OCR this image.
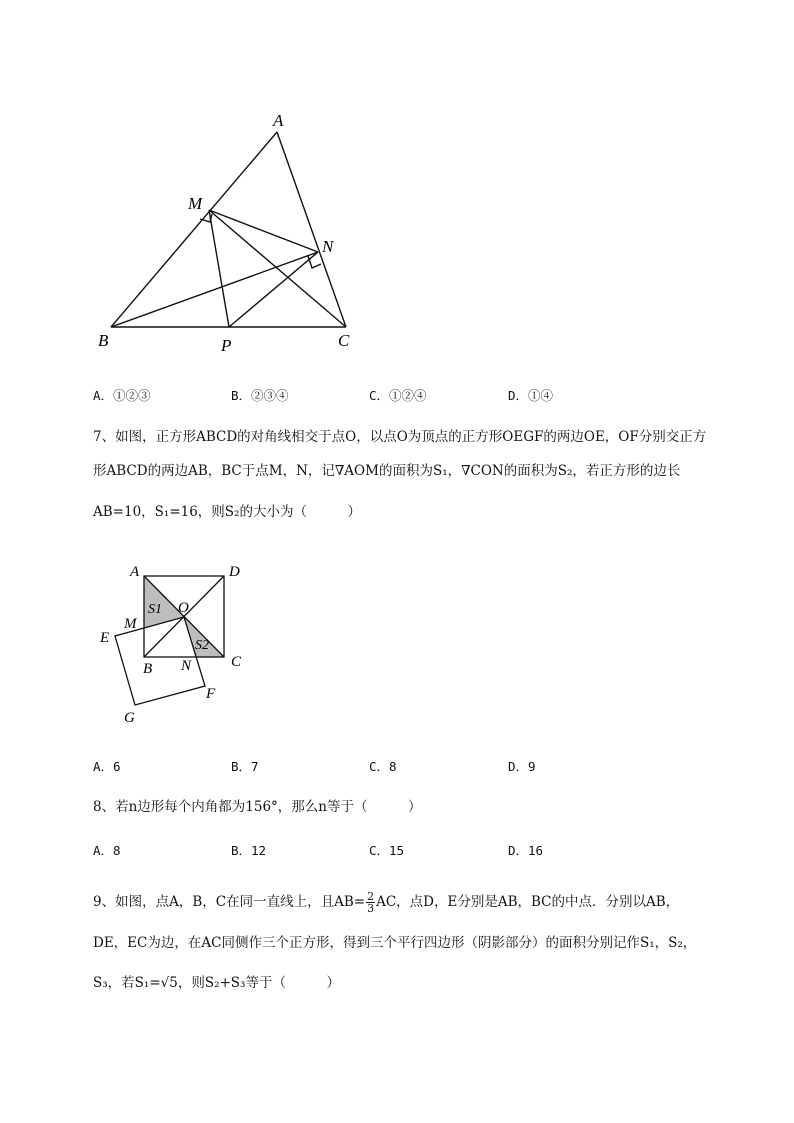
A
M
N
B	P	C
A．①②③	B．②③④	C．①②④	D．①④
7、如图，正方形ABCD的对角线相交于点O，以点O为顶点的正方形OEGF的两边OE，OF分别交正方
形ABCD的两边AB，BC于点M，N，记∇AOM的面积为S₁，∇CON的面积为S₂，若正方形的边长
AB=10，S₁=16，则S₂的大小为（　　　）
A	D
S1 O
M
E	S2
B N	C
F
G
A．6	B．7	C．8	D．9
8、若n边形每个内角都为156°，那么n等于（　　　）
A．8	B．12	C．15	D．16
9、如图，点A，B，C在同一直线上，且$AB= \frac{2}{3}$ AC，点D，E分别是AB，BC的中点．分别以AB，
DE，EC为边，在AC同侧作三个正方形，得到三个平行四边形（阴影部分）的面积分别记作S₁，S₂，
S₃，若S₁=√5，则S₂+S₃等于（　　　）
